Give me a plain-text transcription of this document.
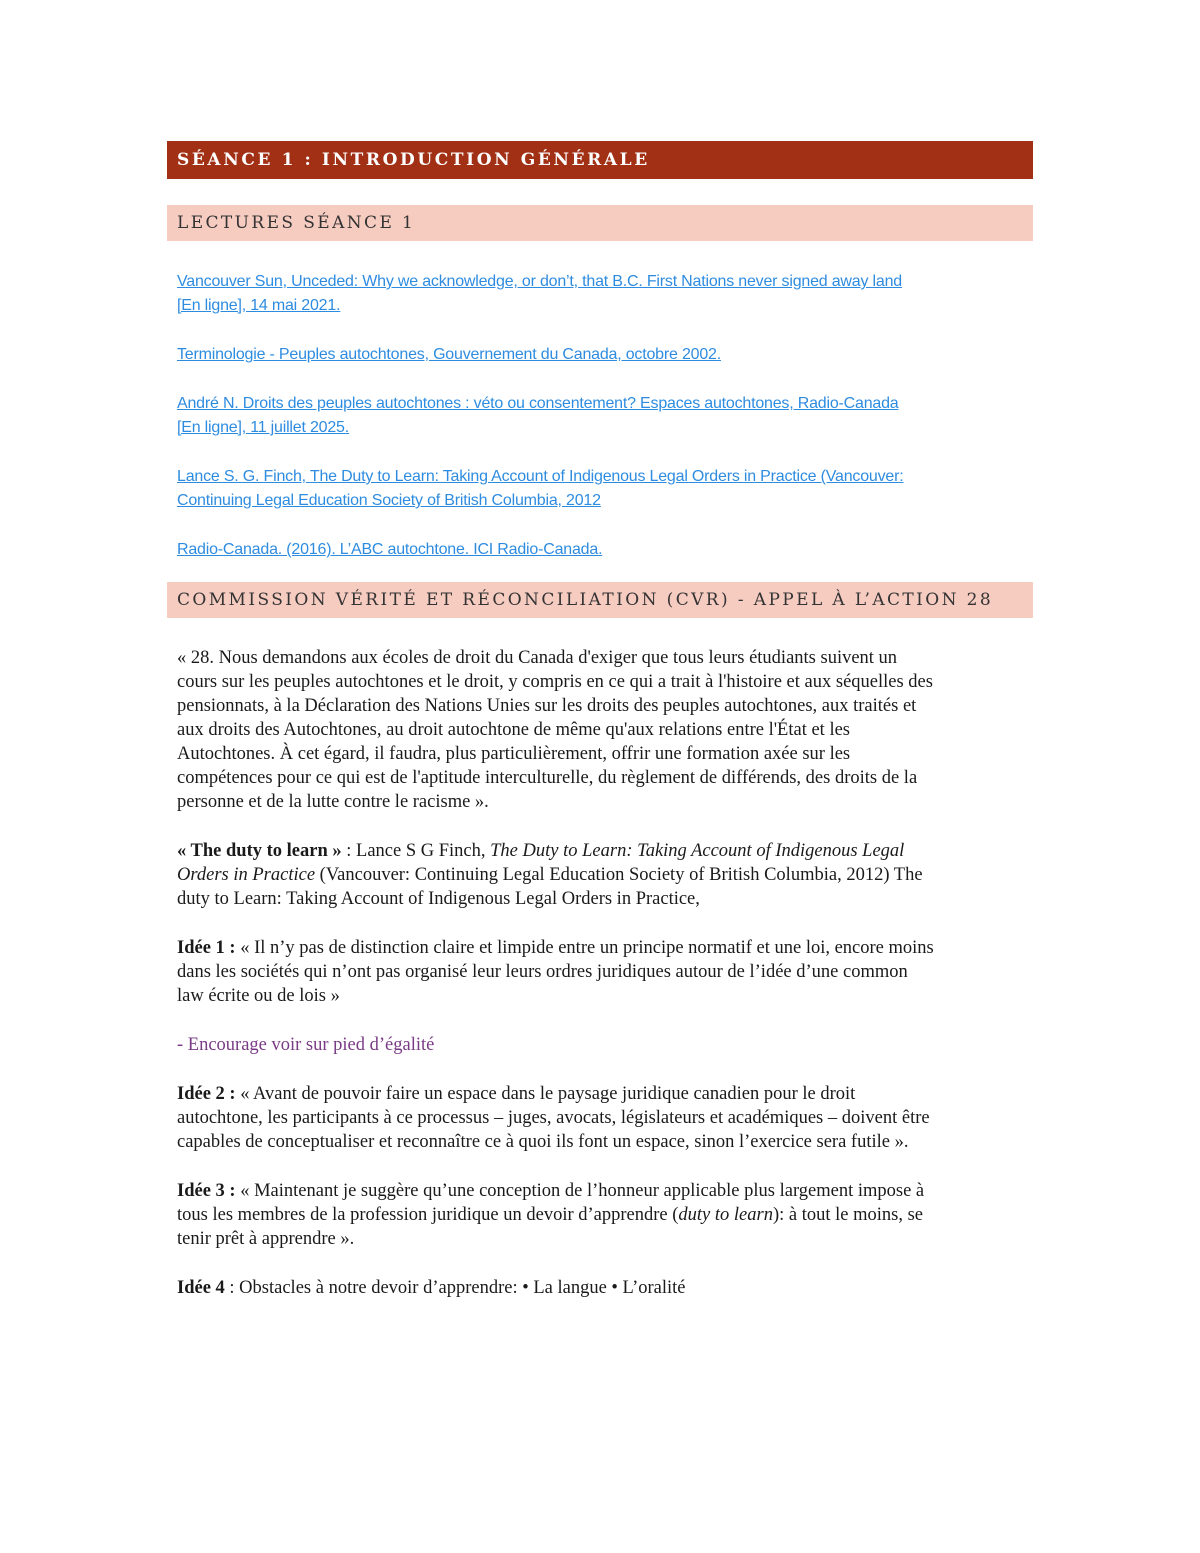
SÉANCE 1 : INTRODUCTION GÉNÉRALE
LECTURES SÉANCE 1
Vancouver Sun, Unceded: Why we acknowledge, or don’t, that B.C. First Nations never signed away land
[En ligne], 14 mai 2021.
Terminologie - Peuples autochtones, Gouvernement du Canada, octobre 2002.
André N. Droits des peuples autochtones : véto ou consentement? Espaces autochtones, Radio-Canada
[En ligne], 11 juillet 2025.
Lance S. G. Finch, The Duty to Learn: Taking Account of Indigenous Legal Orders in Practice (Vancouver:
Continuing Legal Education Society of British Columbia, 2012
Radio-Canada. (2016). L’ABC autochtone. ICI Radio-Canada.
COMMISSION VÉRITÉ ET RÉCONCILIATION (CVR) - APPEL À L’ACTION 28

« 28. Nous demandons aux écoles de droit du Canada d'exiger que tous leurs étudiants suivent un
cours sur les peuples autochtones et le droit, y compris en ce qui a trait à l'histoire et aux séquelles des
pensionnats, à la Déclaration des Nations Unies sur les droits des peuples autochtones, aux traités et
aux droits des Autochtones, au droit autochtone de même qu'aux relations entre l'État et les
Autochtones. À cet égard, il faudra, plus particulièrement, offrir une formation axée sur les
compétences pour ce qui est de l'aptitude interculturelle, du règlement de différends, des droits de la
personne et de la lutte contre le racisme ».

« The duty to learn » : Lance S G Finch, The Duty to Learn: Taking Account of Indigenous Legal
Orders in Practice (Vancouver: Continuing Legal Education Society of British Columbia, 2012) The
duty to Learn: Taking Account of Indigenous Legal Orders in Practice,

Idée 1 : « Il n’y pas de distinction claire et limpide entre un principe normatif et une loi, encore moins
dans les sociétés qui n’ont pas organisé leur leurs ordres juridiques autour de l’idée d’une common
law écrite ou de lois »

- Encourage voir sur pied d’égalité

Idée 2 : « Avant de pouvoir faire un espace dans le paysage juridique canadien pour le droit
autochtone, les participants à ce processus – juges, avocats, législateurs et académiques – doivent être
capables de conceptualiser et reconnaître ce à quoi ils font un espace, sinon l’exercice sera futile ».

Idée 3 : « Maintenant je suggère qu’une conception de l’honneur applicable plus largement impose à
tous les membres de la profession juridique un devoir d’apprendre (duty to learn): à tout le moins, se
tenir prêt à apprendre ».

Idée 4 : Obstacles à notre devoir d’apprendre: • La langue • L’oralité
